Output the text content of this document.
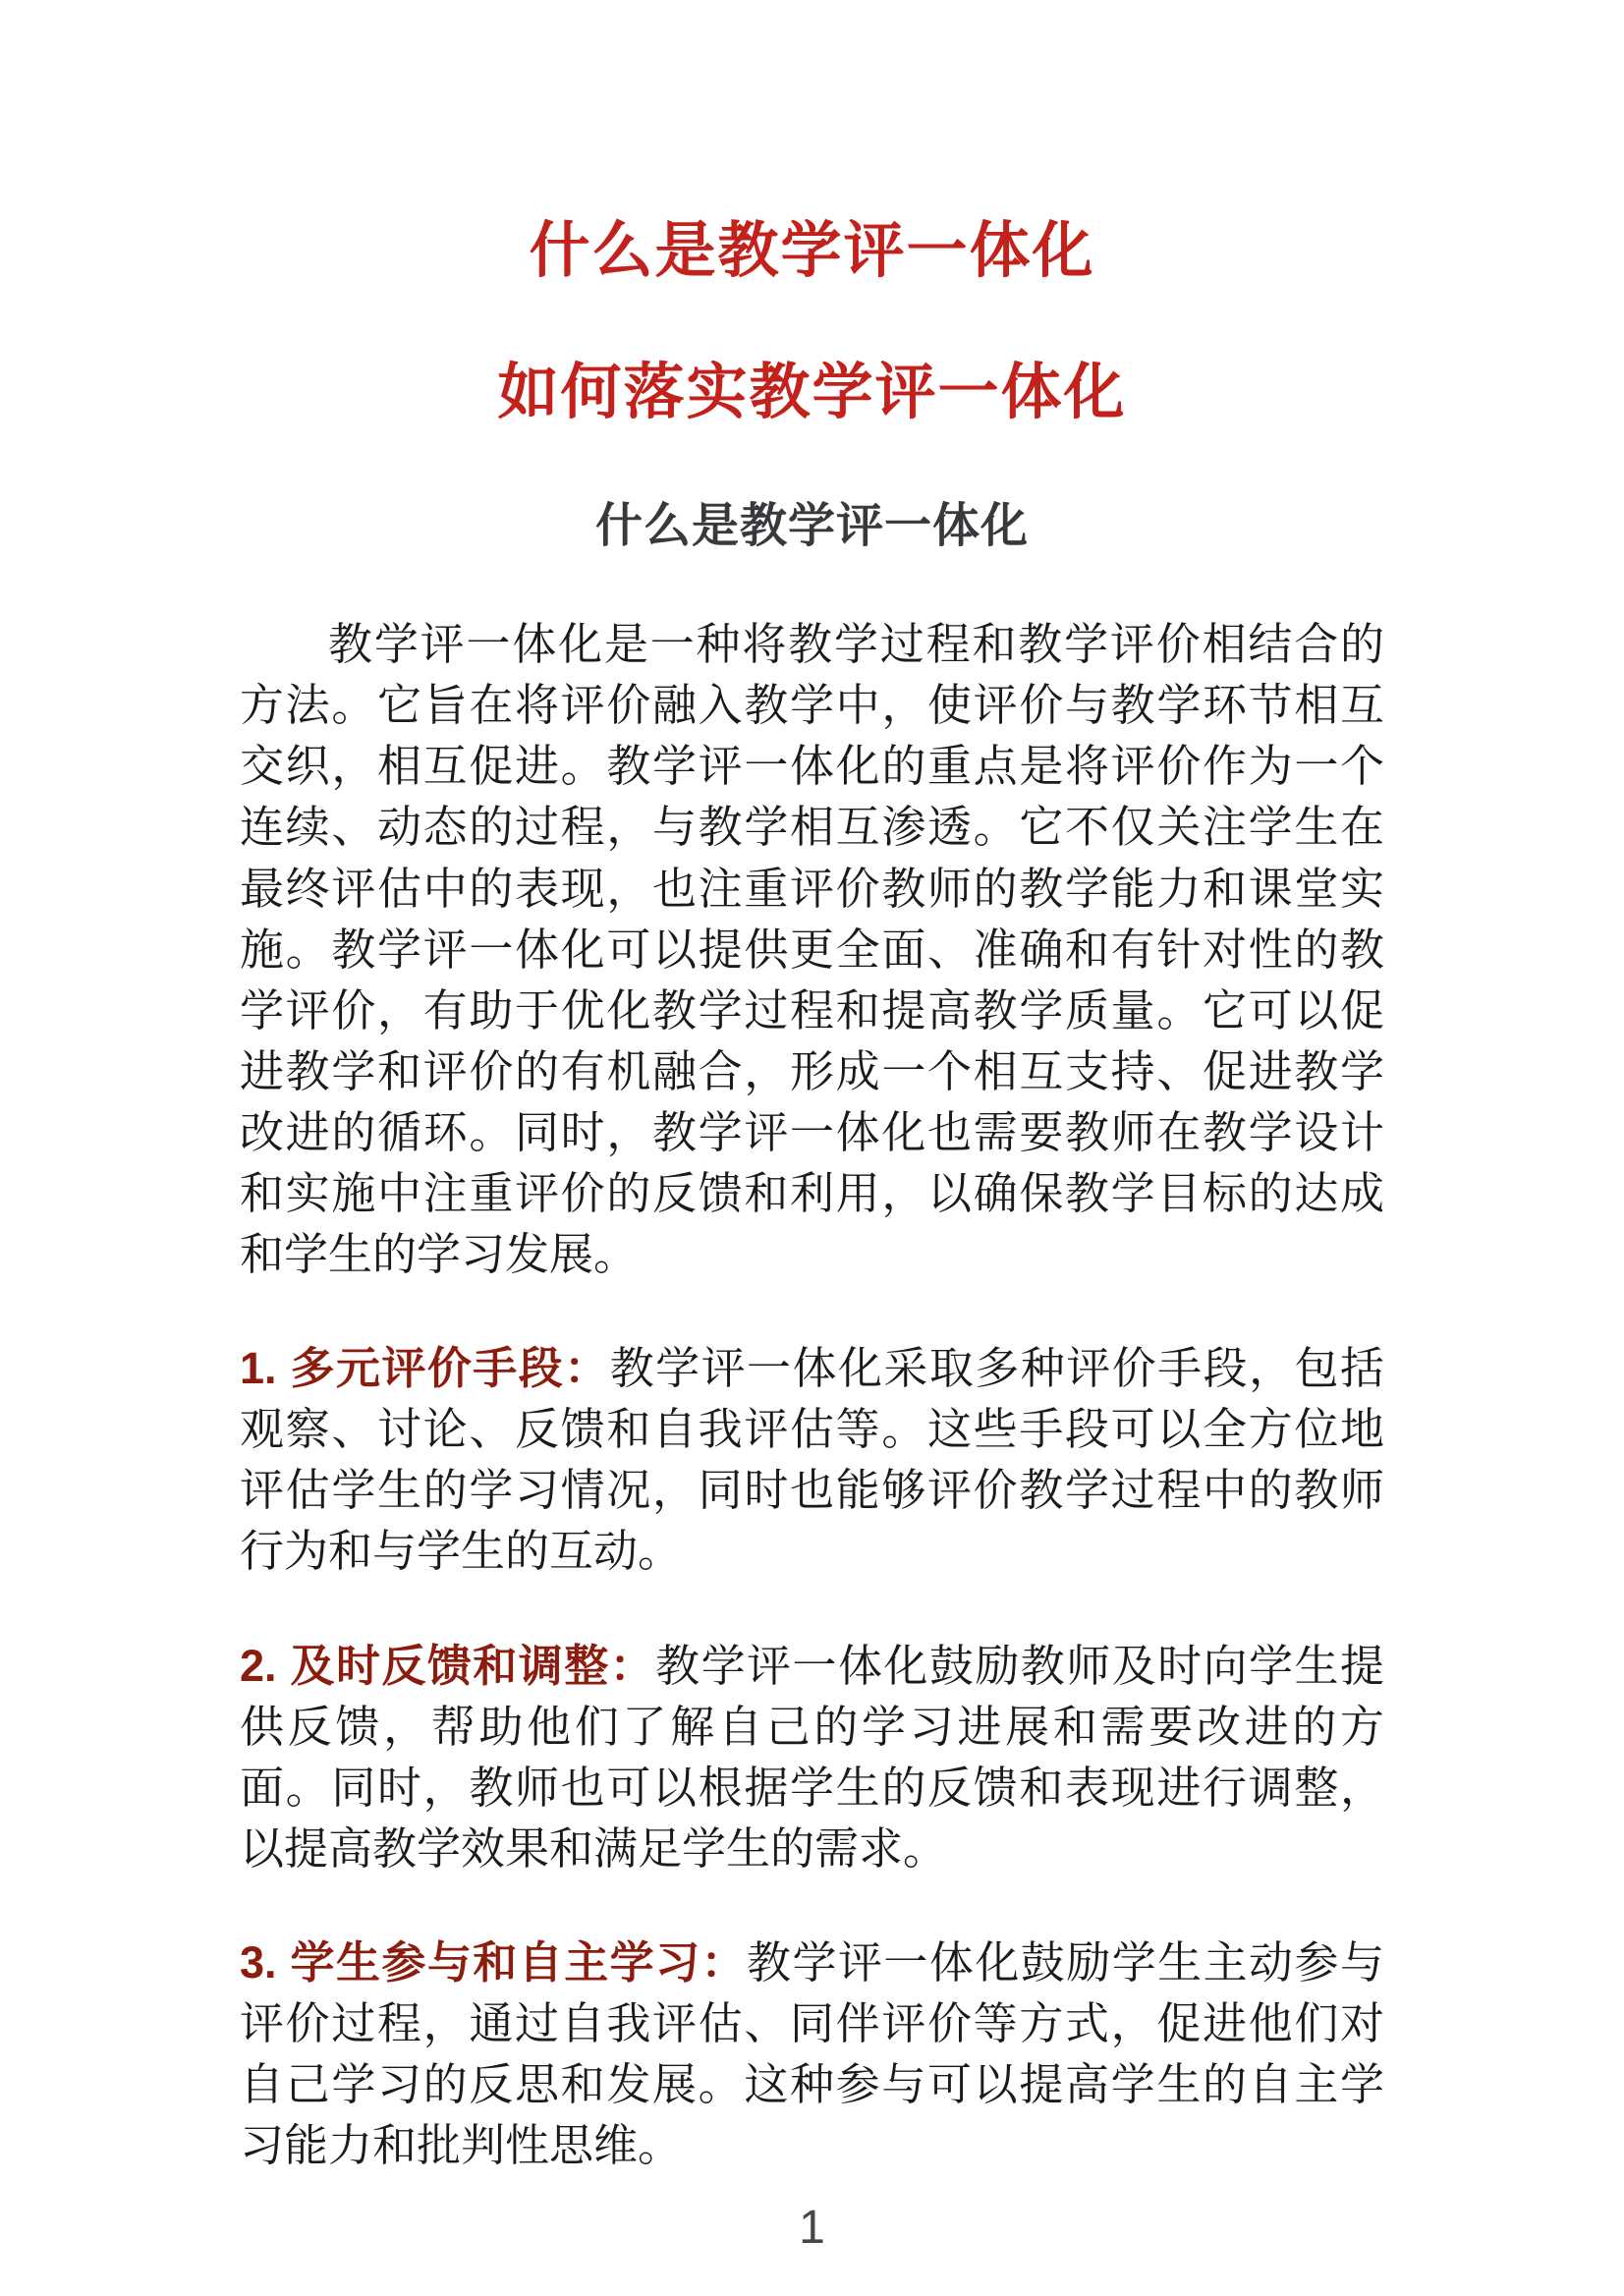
什么是教学评一体化
如何落实教学评一体化
什么是教学评一体化

教学评一体化是一种将教学过程和教学评价相结合的方法。它旨在将评价融入教学中，使评价与教学环节相互交织，相互促进。教学评一体化的重点是将评价作为一个连续、动态的过程，与教学相互渗透。它不仅关注学生在最终评估中的表现，也注重评价教师的教学能力和课堂实施。教学评一体化可以提供更全面、准确和有针对性的教学评价，有助于优化教学过程和提高教学质量。它可以促进教学和评价的有机融合，形成一个相互支持、促进教学改进的循环。同时，教学评一体化也需要教师在教学设计和实施中注重评价的反馈和利用，以确保教学目标的达成和学生的学习发展。

1. 多元评价手段：教学评一体化采取多种评价手段，包括观察、讨论、反馈和自我评估等。这些手段可以全方位地评估学生的学习情况，同时也能够评价教学过程中的教师行为和与学生的互动。

2. 及时反馈和调整：教学评一体化鼓励教师及时向学生提供反馈，帮助他们了解自己的学习进展和需要改进的方面。同时，教师也可以根据学生的反馈和表现进行调整，以提高教学效果和满足学生的需求。

3. 学生参与和自主学习：教学评一体化鼓励学生主动参与评价过程，通过自我评估、同伴评价等方式，促进他们对自己学习的反思和发展。这种参与可以提高学生的自主学习能力和批判性思维。

1
